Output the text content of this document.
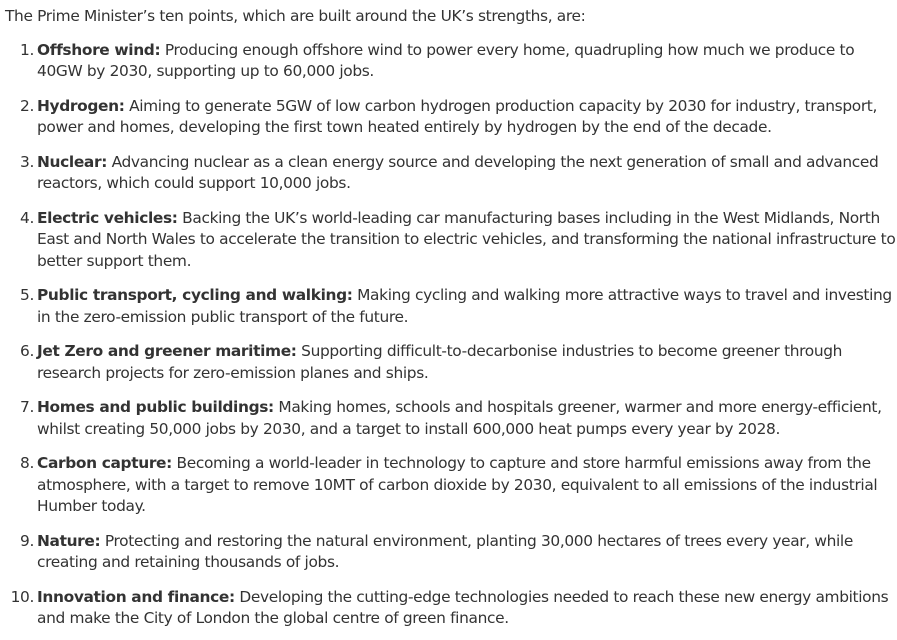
The Prime Minister’s ten points, which are built around the UK’s strengths, are:

1. Offshore wind: Producing enough offshore wind to power every home, quadrupling how much we produce to 40GW by 2030, supporting up to 60,000 jobs.
2. Hydrogen: Aiming to generate 5GW of low carbon hydrogen production capacity by 2030 for industry, transport, power and homes, developing the first town heated entirely by hydrogen by the end of the decade.
3. Nuclear: Advancing nuclear as a clean energy source and developing the next generation of small and advanced reactors, which could support 10,000 jobs.
4. Electric vehicles: Backing the UK’s world-leading car manufacturing bases including in the West Midlands, North East and North Wales to accelerate the transition to electric vehicles, and transforming the national infrastructure to better support them.
5. Public transport, cycling and walking: Making cycling and walking more attractive ways to travel and investing in the zero-emission public transport of the future.
6. Jet Zero and greener maritime: Supporting difficult-to-decarbonise industries to become greener through research projects for zero-emission planes and ships.
7. Homes and public buildings: Making homes, schools and hospitals greener, warmer and more energy-efficient, whilst creating 50,000 jobs by 2030, and a target to install 600,000 heat pumps every year by 2028.
8. Carbon capture: Becoming a world-leader in technology to capture and store harmful emissions away from the atmosphere, with a target to remove 10MT of carbon dioxide by 2030, equivalent to all emissions of the industrial Humber today.
9. Nature: Protecting and restoring the natural environment, planting 30,000 hectares of trees every year, while creating and retaining thousands of jobs.
10. Innovation and finance: Developing the cutting-edge technologies needed to reach these new energy ambitions and make the City of London the global centre of green finance.
